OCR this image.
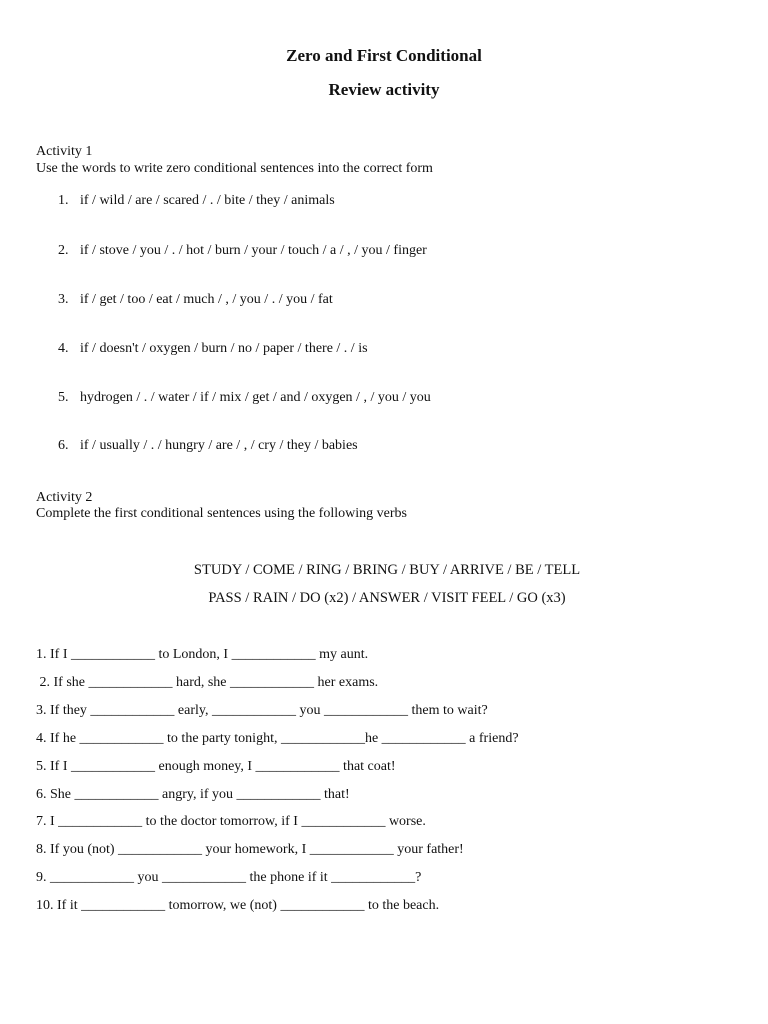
Zero and First Conditional
Review activity
Activity 1
Use the words to write zero conditional sentences into the correct form
1. if / wild / are / scared / . / bite / they / animals
2. if / stove / you / . / hot / burn / your / touch / a / , / you / finger
3. if / get / too / eat / much / , / you / . / you / fat
4. if / doesn't / oxygen / burn / no / paper / there / . / is
5. hydrogen / . / water / if / mix / get / and / oxygen / , / you / you
6. if / usually / . / hungry / are / , / cry / they / babies
Activity 2
Complete the first conditional sentences using the following verbs
STUDY / COME / RING / BRING / BUY / ARRIVE / BE / TELL
PASS / RAIN / DO (x2) / ANSWER / VISIT FEEL / GO (x3)
1. If I ____________ to London, I ____________ my aunt.
2. If she ____________ hard, she ____________ her exams.
3. If they ____________ early, ____________ you ____________ them to wait?
4. If he ____________ to the party tonight, ____________he ____________ a friend?
5. If I ____________ enough money, I ____________ that coat!
6. She ____________ angry, if you ____________ that!
7. I ____________ to the doctor tomorrow, if I ____________ worse.
8. If you (not) ____________ your homework, I ____________ your father!
9. ____________ you ____________ the phone if it ____________?
10. If it ____________ tomorrow, we (not) ____________ to the beach.
